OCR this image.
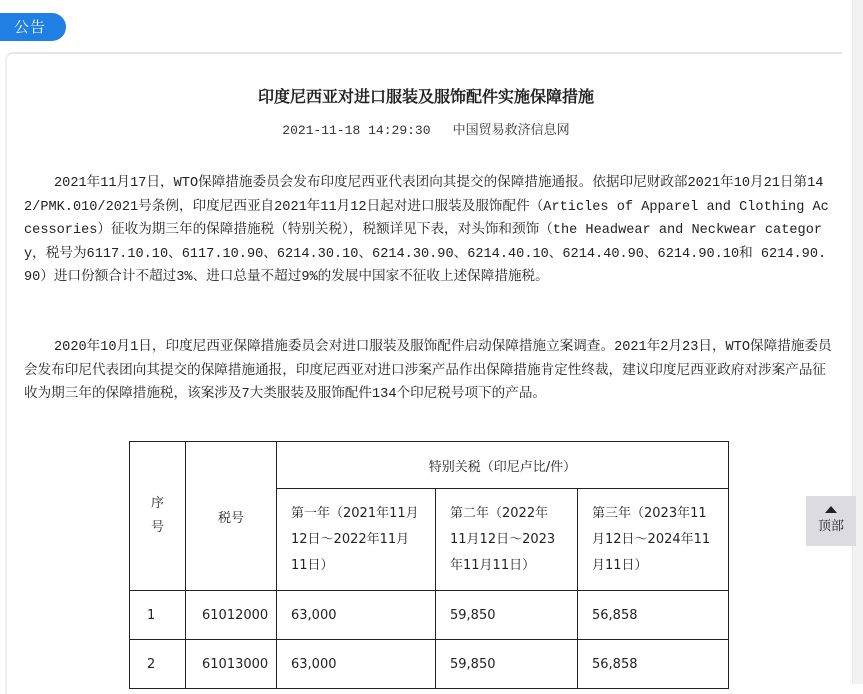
公告
印度尼西亚对进口服装及服饰配件实施保障措施
2021-11-18 14:29:30 中国贸易救济信息网
2021年11月17日，WTO保障措施委员会发布印度尼西亚代表团向其提交的保障措施通报。依据印尼财政部2021年10月21日第142/PMK.010/2021号条例，印度尼西亚自2021年11月12日起对进口服装及服饰配件（Articles of Apparel and Clothing Accessories）征收为期三年的保障措施税（特别关税），税额详见下表，对头饰和颈饰（the Headwear and Neckwear category，税号为6117.10.10、6117.10.90、6214.30.10、6214.30.90、6214.40.10、6214.40.90、6214.90.10和 6214.90.90）进口份额合计不超过3%、进口总量不超过9%的发展中国家不征收上述保障措施税。
2020年10月1日，印度尼西亚保障措施委员会对进口服装及服饰配件启动保障措施立案调查。2021年2月23日，WTO保障措施委员会发布印尼代表团向其提交的保障措施通报，印度尼西亚对进口涉案产品作出保障措施肯定性终裁，建议印度尼西亚政府对涉案产品征收为期三年的保障措施税，该案涉及7大类服装及服饰配件134个印尼税号项下的产品。
序号	税号	特别关税（印尼卢比/件）		
		第一年（2021年11月12日～2022年11月11日）	第二年（2022年11月12日～2023年11月11日）	第三年（2023年11月12日～2024年11月11日）
1	61012000	63,000	59,850	56,858
2	61013000	63,000	59,850	56,858
顶部
